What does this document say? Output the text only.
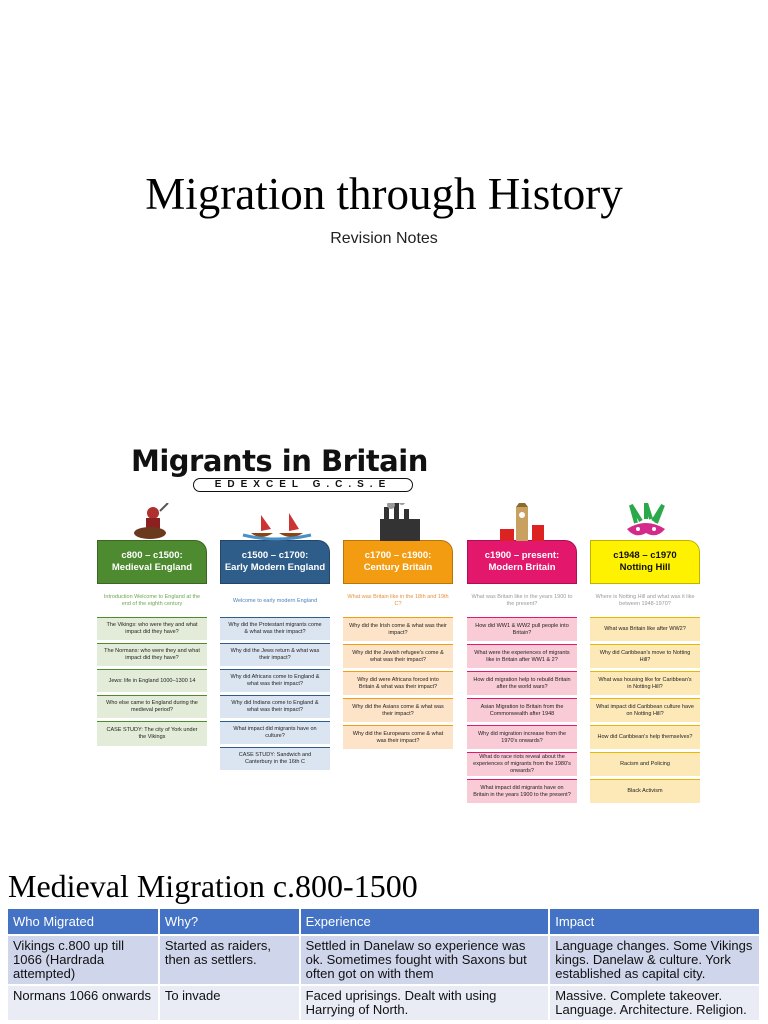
Migration through History
Revision Notes
Migrants in Britain
EDEXCEL G.C.S.E
c800 – c1500:
Medieval England
Introduction Welcome to England at the end of the eighth century
The Vikings: who were they and what impact did they have?
The Normans: who were they and what impact did they have?
Jews: life in England 1000–1300 14
Who else came to England during the medieval period?
CASE STUDY: The city of York under the Vikings
c1500 – c1700:
Early Modern England
Welcome to early modern England
Why did the Protestant migrants come & what was their impact?
Why did the Jews return & what was their impact?
Why did Africans come to England & what was their impact?
Why did Indians come to England & what was their impact?
What impact did migrants have on culture?
CASE STUDY: Sandwich and Canterbury in the 16th C
c1700 – c1900:
Century Britain
What was Britain like in the 18th and 19th C?
Why did the Irish come & what was their impact?
Why did the Jewish refugee's come & what was their impact?
Why did were Africans forced into Britain & what was their impact?
Why did the Asians come & what was their impact?
Why did the Europeans come & what was their impact?
c1900 – present:
Modern Britain
What was Britain like in the years 1900 to the present?
How did WW1 & WW2 pull people into Britain?
What were the experiences of migrants like in Britain after WW1 & 2?
How did migration help to rebuild Britain after the world wars?
Asian Migration to Britain from the Commonwealth after 1948
Why did migration increase from the 1970's onwards?
What do race riots reveal about the experiences of migrants from the 1980's onwards?
What impact did migrants have on Britain in the years 1900 to the present?
c1948 – c1970
Notting Hill
Where is Notting Hill and what was it like between 1948-1970?
What was Britain like after WW2?
Why did Caribbean's move to Notting Hill?
What was housing like for Caribbean's in Notting Hill?
What impact did Caribbean culture have on Notting Hill?
How did Caribbean's help themselves?
Racism and Policing
Black Activism
Medieval Migration c.800-1500
Who Migrated	Why?	Experience	Impact
Vikings c.800 up till 1066 (Hardrada attempted)	Started as raiders, then as settlers.	Settled in Danelaw so experience was ok. Sometimes fought with Saxons but often got on with them	Language changes. Some Vikings kings. Danelaw & culture. York established as capital city.
Normans 1066 onwards	To invade	Faced uprisings. Dealt with using Harrying of North.	Massive. Complete takeover. Language. Architecture. Religion.
